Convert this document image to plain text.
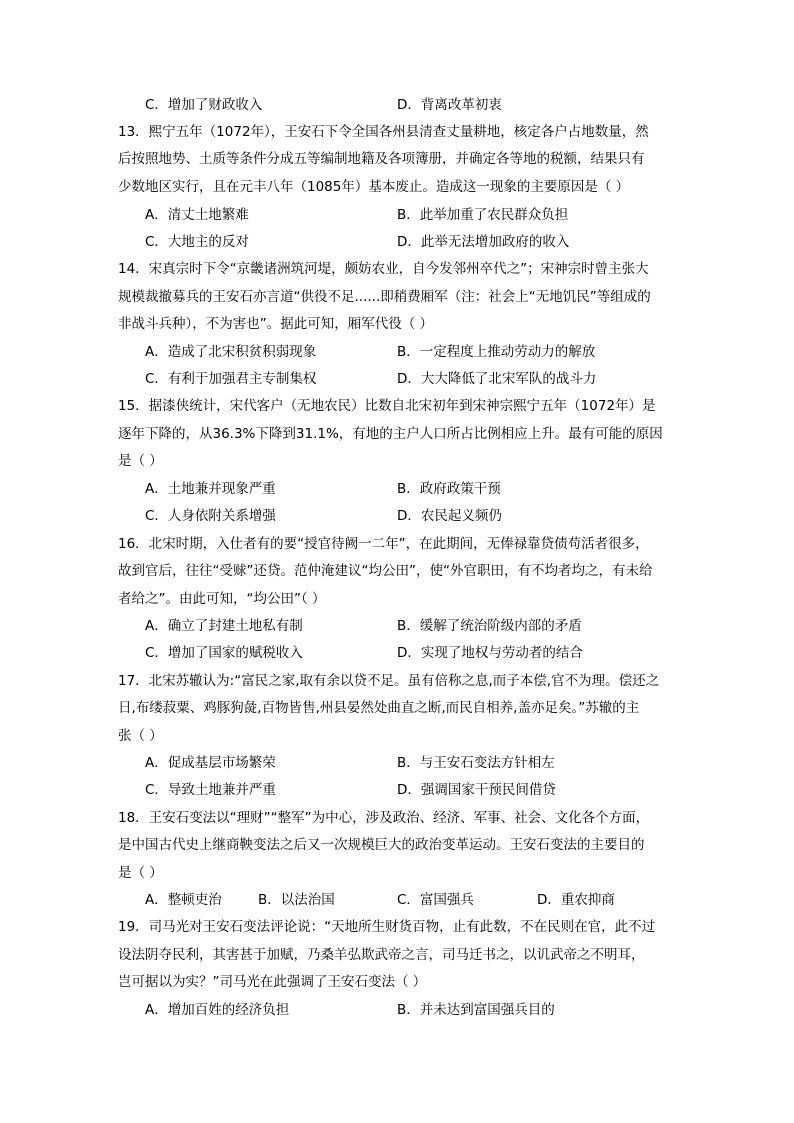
C．增加了财政收入	D．背离改革初衷
13．熙宁五年（1072年），王安石下令全国各州县清查丈量耕地，核定各户占地数量，然
后按照地势、土质等条件分成五等编制地籍及各项簿册，并确定各等地的税额，结果只有
少数地区实行，且在元丰八年（1085年）基本废止。造成这一现象的主要原因是（ ）
A．清丈土地繁难	B．此举加重了农民群众负担
C．大地主的反对	D．此举无法增加政府的收入
14．宋真宗时下令“京畿诸洲筑河堤，颇妨农业，自今发邻州卒代之”；宋神宗时曾主张大
规模裁撤募兵的王安石亦言道“供役不足......即稍费厢军（注：社会上“无地饥民”等组成的
非战斗兵种），不为害也”。据此可知，厢军代役（ ）
A．造成了北宋积贫积弱现象	B．一定程度上推动劳动力的解放
C．有利于加强君主专制集权	D．大大降低了北宋军队的战斗力
15．据漆侠统计，宋代客户（无地农民）比数自北宋初年到宋神宗熙宁五年（1072年）是
逐年下降的，从36.3%下降到31.1%，有地的主户人口所占比例相应上升。最有可能的原因
是（ ）
A．土地兼并现象严重	B．政府政策干预
C．人身依附关系增强	D．农民起义频仍
16．北宋时期，入仕者有的要“授官待阙一二年”，在此期间，无俸禄靠贷债苟活者很多，
故到官后，往往“受赇”还贷。范仲淹建议“均公田”，使“外官职田，有不均者均之，有未给
者给之”。由此可知，“均公田”（ ）
A．确立了封建土地私有制	B．缓解了统治阶级内部的矛盾
C．增加了国家的赋税收入	D．实现了地权与劳动者的结合
17．北宋苏辙认为:“富民之家,取有余以贷不足。虽有倍称之息,而子本偿,官不为理。偿还之
日,布缕菽粟、鸡豚狗彘,百物皆售,州县晏然处曲直之断,而民自相养,盖亦足矣。”苏辙的主
张（ ）
A．促成基层市场繁荣	B．与王安石变法方针相左
C．导致土地兼并严重	D．强调国家干预民间借贷
18．王安石变法以“理财”“整军”为中心，涉及政治、经济、军事、社会、文化各个方面，
是中国古代史上继商鞅变法之后又一次规模巨大的政治变革运动。王安石变法的主要目的
是（ ）
A．整顿吏治	B．以法治国	C．富国强兵	D．重农抑商
19．司马光对王安石变法评论说：“天地所生财货百物，止有此数，不在民则在官，此不过
设法阴夺民利，其害甚于加赋，乃桑羊弘欺武帝之言，司马迁书之，以讥武帝之不明耳，
岂可据以为实？”司马光在此强调了王安石变法（ ）
A．增加百姓的经济负担	B．并未达到富国强兵目的
